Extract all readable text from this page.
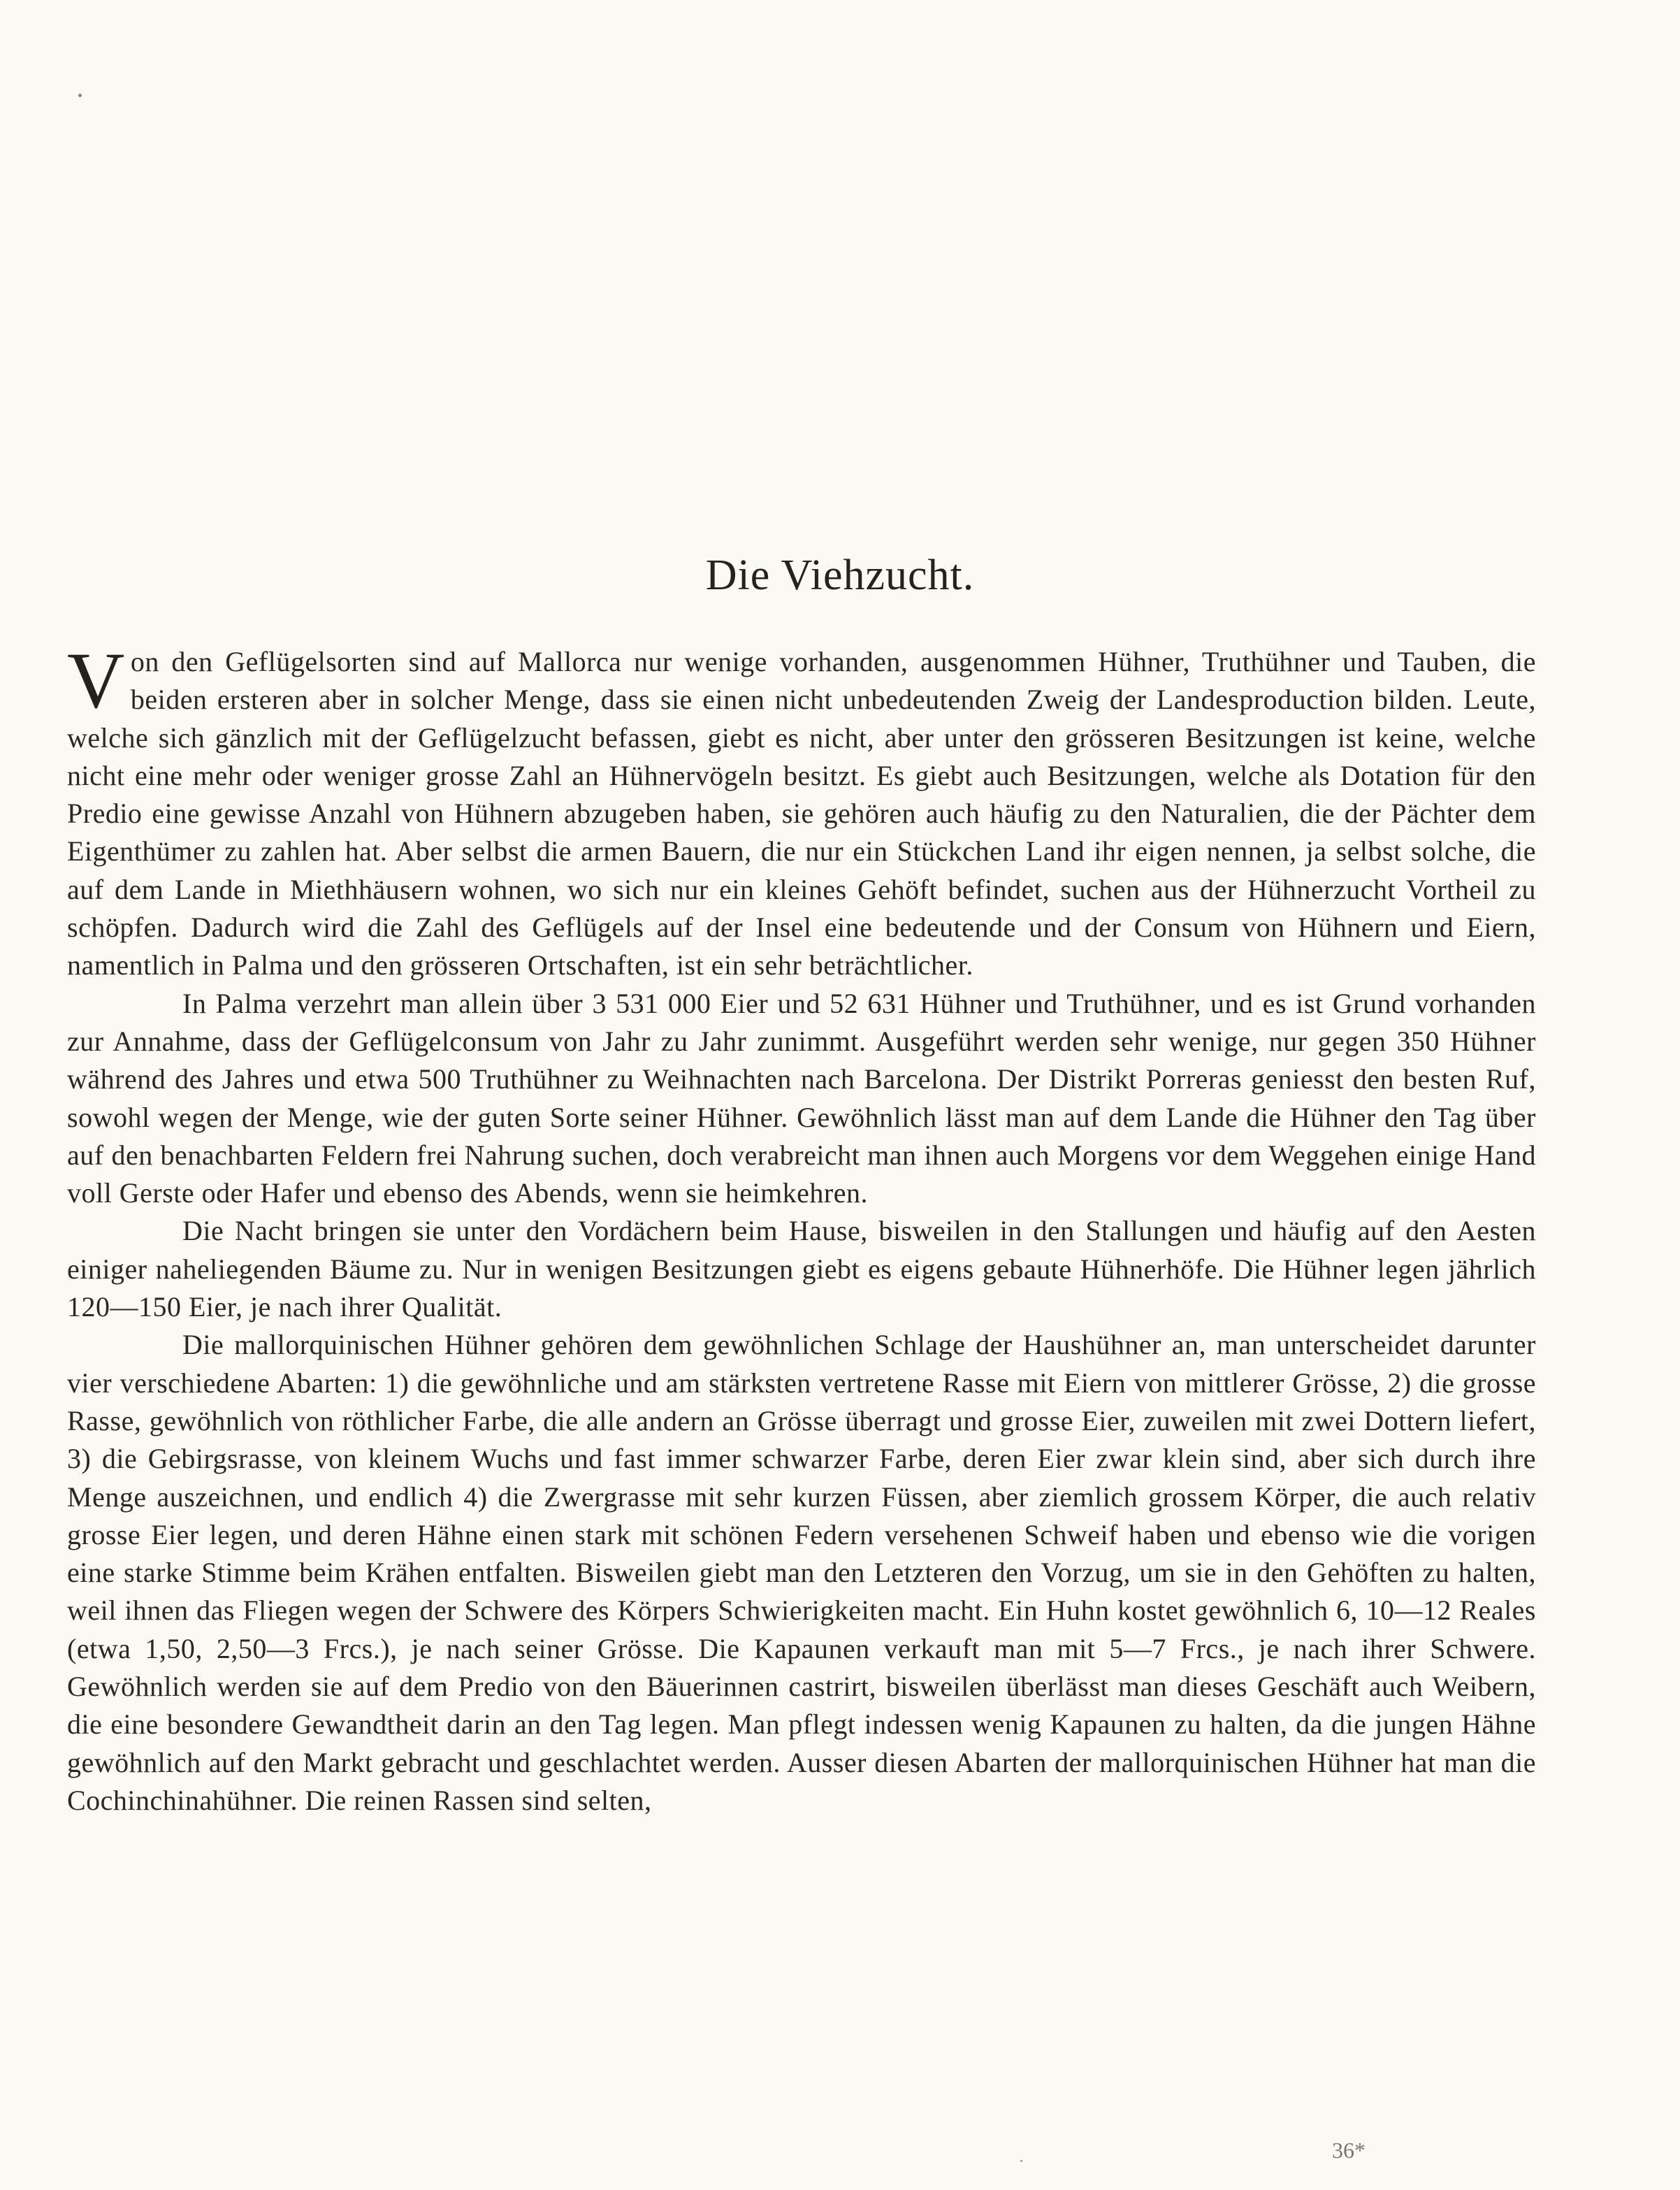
Die Viehzucht.

Von den Geflügelsorten sind auf Mallorca nur wenige vorhanden, ausgenommen Hühner, Truthühner und Tauben, die beiden ersteren aber in solcher Menge, dass sie einen nicht unbedeutenden Zweig der Landesproduction bilden. Leute, welche sich gänzlich mit der Geflügelzucht befassen, giebt es nicht, aber unter den grösseren Besitzungen ist keine, welche nicht eine mehr oder weniger grosse Zahl an Hühnervögeln besitzt. Es giebt auch Besitzungen, welche als Dotation für den Predio eine gewisse Anzahl von Hühnern abzugeben haben, sie gehören auch häufig zu den Naturalien, die der Pächter dem Eigenthümer zu zahlen hat. Aber selbst die armen Bauern, die nur ein Stückchen Land ihr eigen nennen, ja selbst solche, die auf dem Lande in Miethhäusern wohnen, wo sich nur ein kleines Gehöft befindet, suchen aus der Hühnerzucht Vortheil zu schöpfen. Dadurch wird die Zahl des Geflügels auf der Insel eine bedeutende und der Consum von Hühnern und Eiern, namentlich in Palma und den grösseren Ortschaften, ist ein sehr beträchtlicher.

In Palma verzehrt man allein über 3 531 000 Eier und 52 631 Hühner und Truthühner, und es ist Grund vorhanden zur Annahme, dass der Geflügelconsum von Jahr zu Jahr zunimmt. Ausgeführt werden sehr wenige, nur gegen 350 Hühner während des Jahres und etwa 500 Truthühner zu Weihnachten nach Barcelona. Der Distrikt Porreras geniesst den besten Ruf, sowohl wegen der Menge, wie der guten Sorte seiner Hühner. Gewöhnlich lässt man auf dem Lande die Hühner den Tag über auf den benachbarten Feldern frei Nahrung suchen, doch verabreicht man ihnen auch Morgens vor dem Weggehen einige Hand voll Gerste oder Hafer und ebenso des Abends, wenn sie heimkehren.

Die Nacht bringen sie unter den Vordächern beim Hause, bisweilen in den Stallungen und häufig auf den Aesten einiger naheliegenden Bäume zu. Nur in wenigen Besitzungen giebt es eigens gebaute Hühnerhöfe. Die Hühner legen jährlich 120—150 Eier, je nach ihrer Qualität.

Die mallorquinischen Hühner gehören dem gewöhnlichen Schlage der Haushühner an, man unterscheidet darunter vier verschiedene Abarten: 1) die gewöhnliche und am stärksten vertretene Rasse mit Eiern von mittlerer Grösse, 2) die grosse Rasse, gewöhnlich von röthlicher Farbe, die alle andern an Grösse überragt und grosse Eier, zuweilen mit zwei Dottern liefert, 3) die Gebirgsrasse, von kleinem Wuchs und fast immer schwarzer Farbe, deren Eier zwar klein sind, aber sich durch ihre Menge auszeichnen, und endlich 4) die Zwergrasse mit sehr kurzen Füssen, aber ziemlich grossem Körper, die auch relativ grosse Eier legen, und deren Hähne einen stark mit schönen Federn versehenen Schweif haben und ebenso wie die vorigen eine starke Stimme beim Krähen entfalten. Bisweilen giebt man den Letzteren den Vorzug, um sie in den Gehöften zu halten, weil ihnen das Fliegen wegen der Schwere des Körpers Schwierigkeiten macht. Ein Huhn kostet gewöhnlich 6, 10—12 Reales (etwa 1,50, 2,50—3 Frcs.), je nach seiner Grösse. Die Kapaunen verkauft man mit 5—7 Frcs., je nach ihrer Schwere. Gewöhnlich werden sie auf dem Predio von den Bäuerinnen castrirt, bisweilen überlässt man dieses Geschäft auch Weibern, die eine besondere Gewandtheit darin an den Tag legen. Man pflegt indessen wenig Kapaunen zu halten, da die jungen Hähne gewöhnlich auf den Markt gebracht und geschlachtet werden. Ausser diesen Abarten der mallorquinischen Hühner hat man die Cochinchinahühner. Die reinen Rassen sind selten,

36*
